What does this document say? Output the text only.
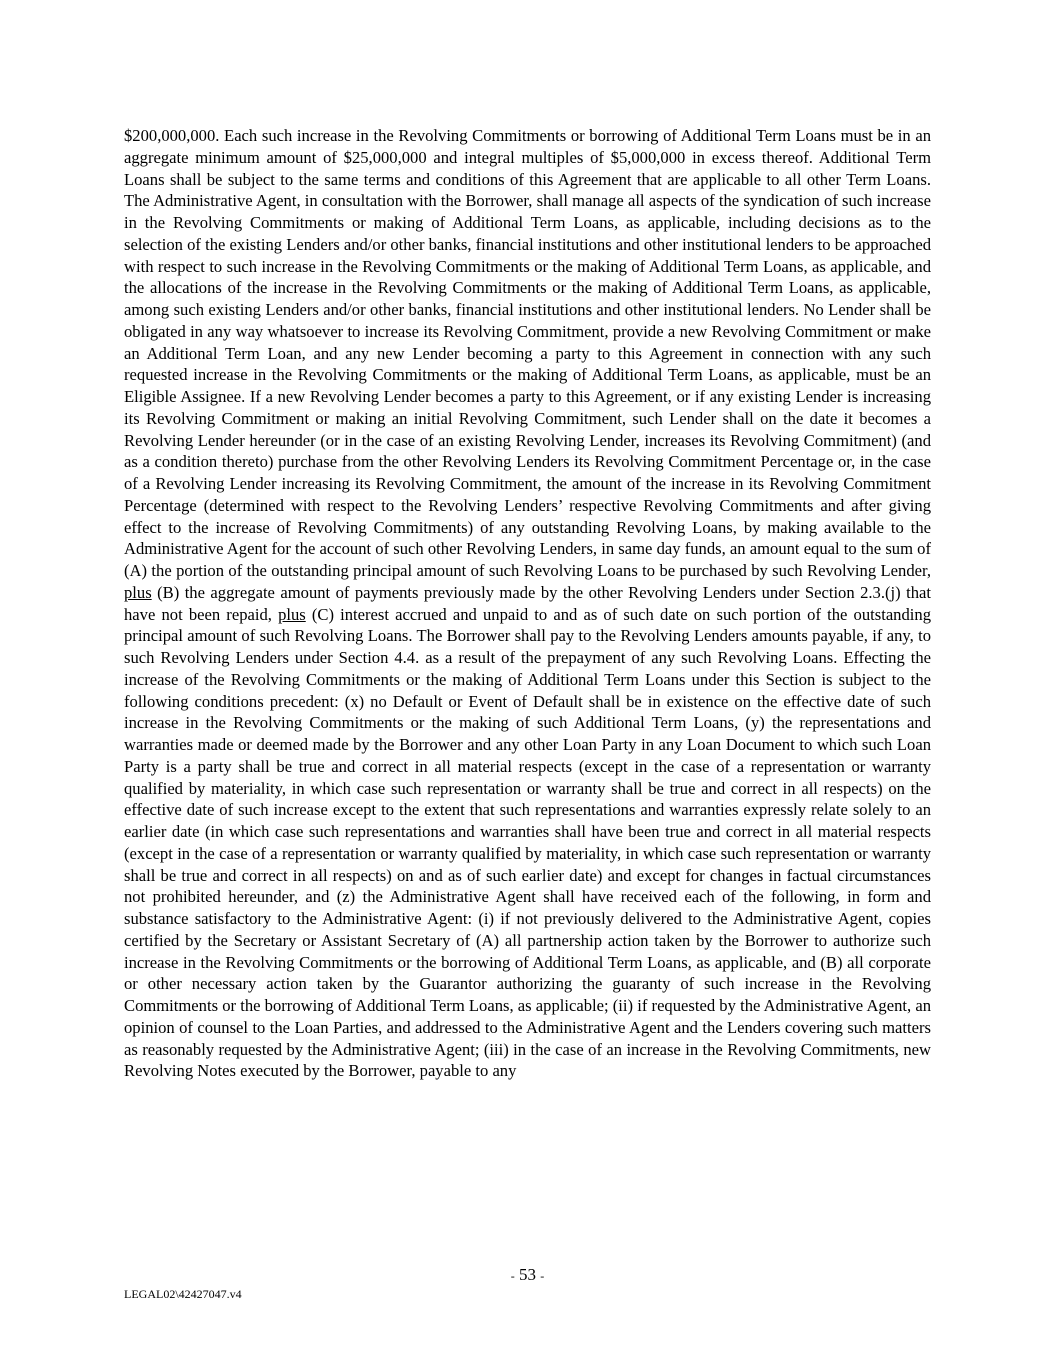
$200,000,000. Each such increase in the Revolving Commitments or borrowing of Additional Term Loans must be in an aggregate minimum amount of $25,000,000 and integral multiples of $5,000,000 in excess thereof. Additional Term Loans shall be subject to the same terms and conditions of this Agreement that are applicable to all other Term Loans. The Administrative Agent, in consultation with the Borrower, shall manage all aspects of the syndication of such increase in the Revolving Commitments or making of Additional Term Loans, as applicable, including decisions as to the selection of the existing Lenders and/or other banks, financial institutions and other institutional lenders to be approached with respect to such increase in the Revolving Commitments or the making of Additional Term Loans, as applicable, and the allocations of the increase in the Revolving Commitments or the making of Additional Term Loans, as applicable, among such existing Lenders and/or other banks, financial institutions and other institutional lenders. No Lender shall be obligated in any way whatsoever to increase its Revolving Commitment, provide a new Revolving Commitment or make an Additional Term Loan, and any new Lender becoming a party to this Agreement in connection with any such requested increase in the Revolving Commitments or the making of Additional Term Loans, as applicable, must be an Eligible Assignee. If a new Revolving Lender becomes a party to this Agreement, or if any existing Lender is increasing its Revolving Commitment or making an initial Revolving Commitment, such Lender shall on the date it becomes a Revolving Lender hereunder (or in the case of an existing Revolving Lender, increases its Revolving Commitment) (and as a condition thereto) purchase from the other Revolving Lenders its Revolving Commitment Percentage or, in the case of a Revolving Lender increasing its Revolving Commitment, the amount of the increase in its Revolving Commitment Percentage (determined with respect to the Revolving Lenders’ respective Revolving Commitments and after giving effect to the increase of Revolving Commitments) of any outstanding Revolving Loans, by making available to the Administrative Agent for the account of such other Revolving Lenders, in same day funds, an amount equal to the sum of (A) the portion of the outstanding principal amount of such Revolving Loans to be purchased by such Revolving Lender, plus (B) the aggregate amount of payments previously made by the other Revolving Lenders under Section 2.3.(j) that have not been repaid, plus (C) interest accrued and unpaid to and as of such date on such portion of the outstanding principal amount of such Revolving Loans. The Borrower shall pay to the Revolving Lenders amounts payable, if any, to such Revolving Lenders under Section 4.4. as a result of the prepayment of any such Revolving Loans. Effecting the increase of the Revolving Commitments or the making of Additional Term Loans under this Section is subject to the following conditions precedent: (x) no Default or Event of Default shall be in existence on the effective date of such increase in the Revolving Commitments or the making of such Additional Term Loans, (y) the representations and warranties made or deemed made by the Borrower and any other Loan Party in any Loan Document to which such Loan Party is a party shall be true and correct in all material respects (except in the case of a representation or warranty qualified by materiality, in which case such representation or warranty shall be true and correct in all respects) on the effective date of such increase except to the extent that such representations and warranties expressly relate solely to an earlier date (in which case such representations and warranties shall have been true and correct in all material respects (except in the case of a representation or warranty qualified by materiality, in which case such representation or warranty shall be true and correct in all respects) on and as of such earlier date) and except for changes in factual circumstances not prohibited hereunder, and (z) the Administrative Agent shall have received each of the following, in form and substance satisfactory to the Administrative Agent: (i) if not previously delivered to the Administrative Agent, copies certified by the Secretary or Assistant Secretary of (A) all partnership action taken by the Borrower to authorize such increase in the Revolving Commitments or the borrowing of Additional Term Loans, as applicable, and (B) all corporate or other necessary action taken by the Guarantor authorizing the guaranty of such increase in the Revolving Commitments or the borrowing of Additional Term Loans, as applicable; (ii) if requested by the Administrative Agent, an opinion of counsel to the Loan Parties, and addressed to the Administrative Agent and the Lenders covering such matters as reasonably requested by the Administrative Agent; (iii) in the case of an increase in the Revolving Commitments, new Revolving Notes executed by the Borrower, payable to any

- 53 -
LEGAL02\42427047.v4
